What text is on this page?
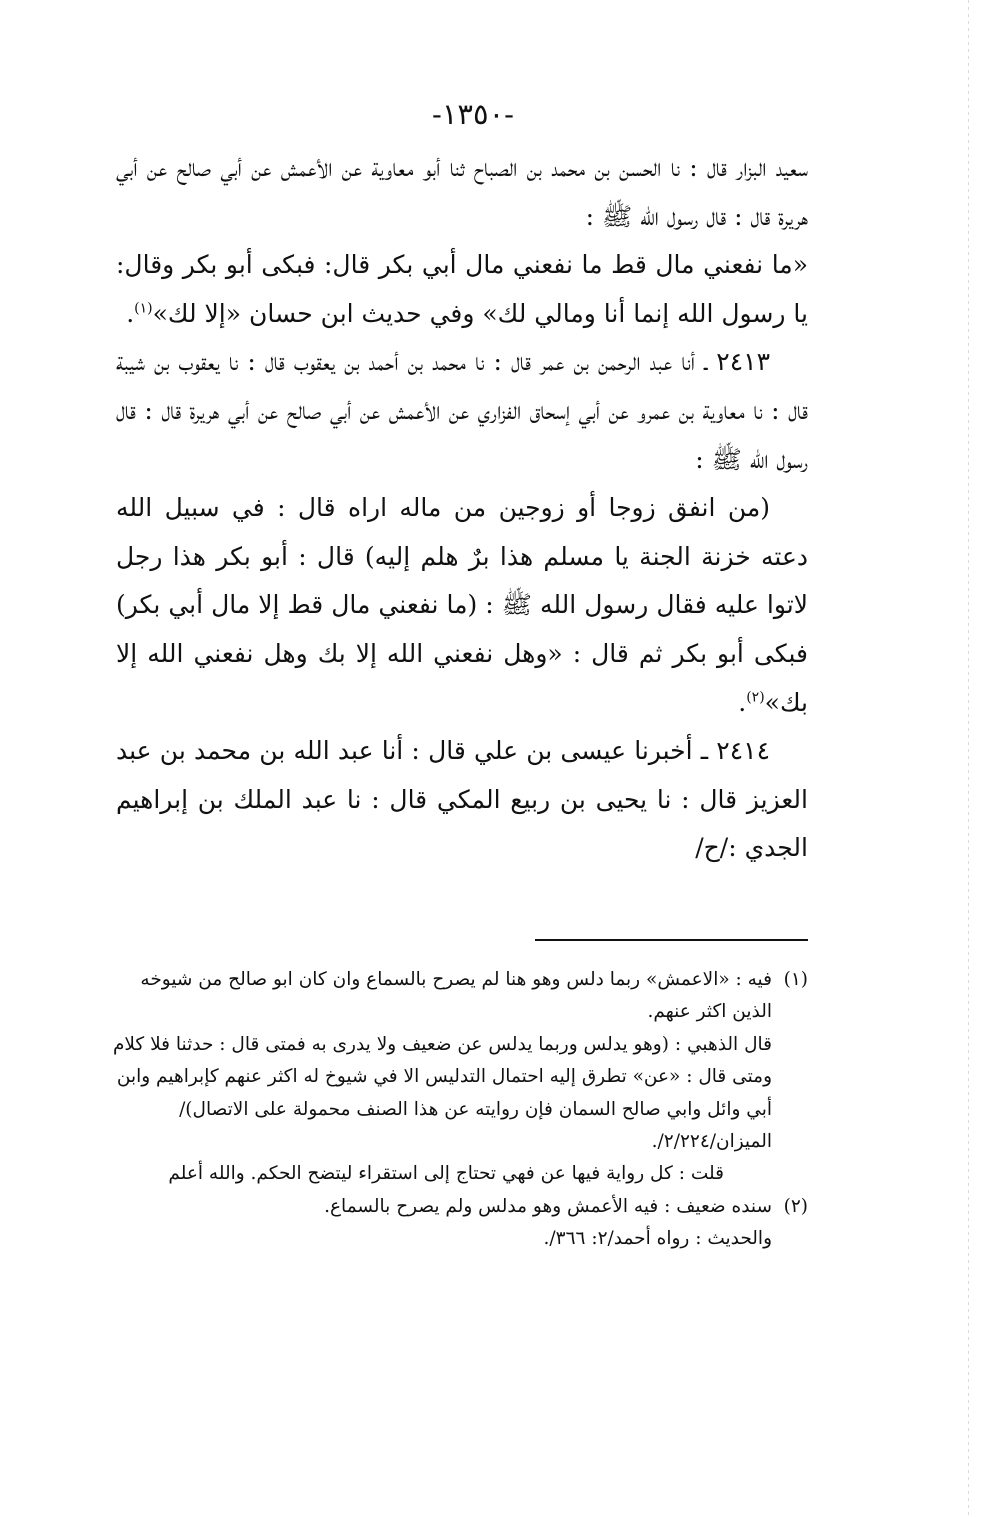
-١٣٥٠-

سعيد البزار قال : نا الحسن بن محمد بن الصباح ثنا أبو معاوية عن الأعمش عن أبي صالح عن أبي هريرة قال : قال رسول الله ﷺ :

«ما نفعني مال قط ما نفعني مال أبي بكر قال: فبكى أبو بكر وقال: يا رسول الله إنما أنا ومالي لك» وفي حديث ابن حسان «إلا لك»$^{(١)}$.

٢٤١٣ ـ أنا عبد الرحمن بن عمر قال : نا محمد بن أحمد بن يعقوب قال : نا يعقوب بن شيبة قال : نا معاوية بن عمرو عن أبي إسحاق الفزاري عن الأعمش عن أبي صالح عن أبي هريرة قال : قال رسول الله ﷺ :

(من انفق زوجا أو زوجين من ماله اراه قال : في سبيل الله دعته خزنة الجنة يا مسلم هذا برٌ هلم إليه) قال : أبو بكر هذا رجل لاتوا عليه فقال رسول الله ﷺ : (ما نفعني مال قط إلا مال أبي بكر) فبكى أبو بكر ثم قال : «وهل نفعني الله إلا بك وهل نفعني الله إلا بك»$^{(٢)}$.

٢٤١٤ ـ أخبرنا عيسى بن علي قال : أنا عبد الله بن محمد بن عبد العزيز قال : نا يحيى بن ربيع المكي قال : نا عبد الملك بن إبراهيم الجدي :/ح/

(١)فيه : «الاعمش» ربما دلس وهو هنا لم يصرح بالسماع وان كان ابو صالح من شيوخه الذين اكثر عنهم.

قال الذهبي : (وهو يدلس وربما يدلس عن ضعيف ولا يدرى به فمتى قال : حدثنا فلا كلام ومتى قال : «عن» تطرق إليه احتمال التدليس الا في شيوخ له اكثر عنهم كإبراهيم وابن أبي وائل وابي صالح السمان فإن روايته عن هذا الصنف محمولة على الاتصال)/ الميزان/٢/٢٢٤/.

قلت : كل رواية فيها عن فهي تحتاج إلى استقراء ليتضح الحكم. والله أعلم

(٢)سنده ضعيف : فيه الأعمش وهو مدلس ولم يصرح بالسماع.

والحديث : رواه أحمد/٢: ٣٦٦/.
